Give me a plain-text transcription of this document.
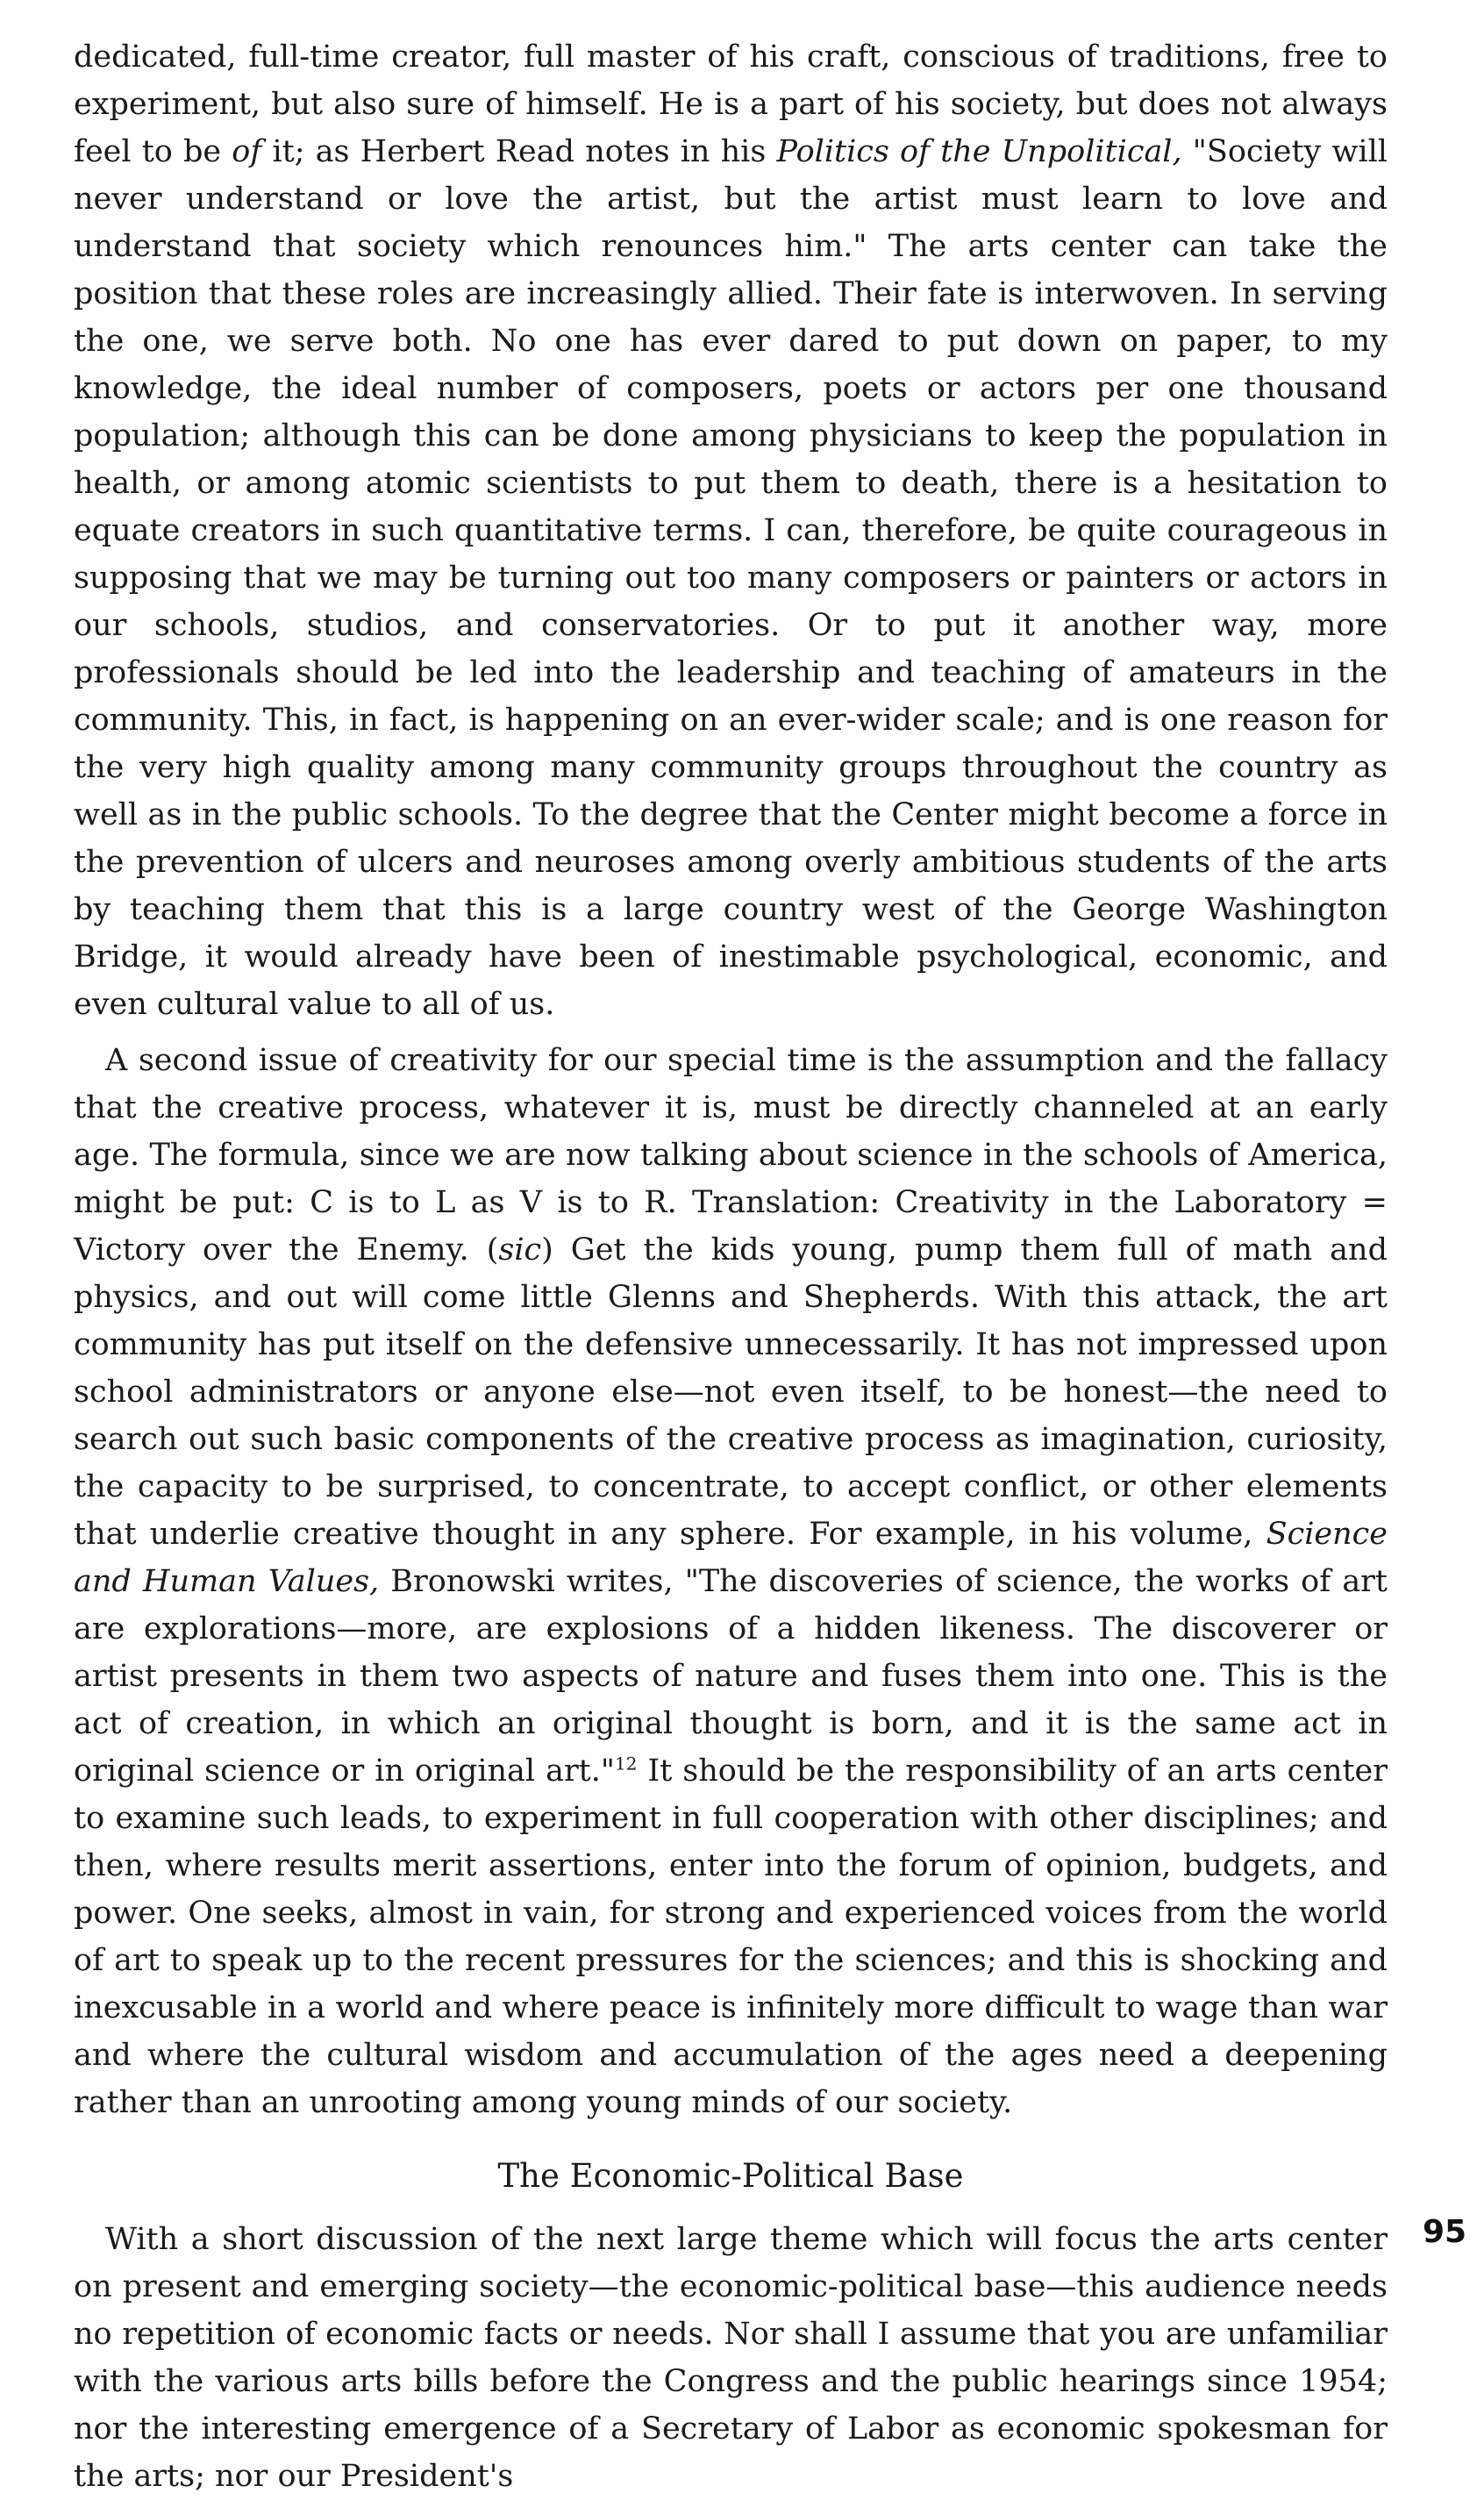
dedicated, full-time creator, full master of his craft, conscious of traditions, free to experiment, but also sure of himself. He is a part of his society, but does not always feel to be of it; as Herbert Read notes in his Politics of the Unpolitical, "Society will never understand or love the artist, but the artist must learn to love and understand that society which renounces him." The arts center can take the position that these roles are increasingly allied. Their fate is interwoven. In serving the one, we serve both. No one has ever dared to put down on paper, to my knowledge, the ideal number of composers, poets or actors per one thousand population; although this can be done among physicians to keep the population in health, or among atomic scientists to put them to death, there is a hesitation to equate creators in such quantitative terms. I can, therefore, be quite courageous in supposing that we may be turning out too many composers or painters or actors in our schools, studios, and conservatories. Or to put it another way, more professionals should be led into the leadership and teaching of amateurs in the community. This, in fact, is happening on an ever-wider scale; and is one reason for the very high quality among many community groups throughout the country as well as in the public schools. To the degree that the Center might become a force in the prevention of ulcers and neuroses among overly ambitious students of the arts by teaching them that this is a large country west of the George Washington Bridge, it would already have been of inestimable psychological, economic, and even cultural value to all of us.

A second issue of creativity for our special time is the assumption and the fallacy that the creative process, whatever it is, must be directly channeled at an early age. The formula, since we are now talking about science in the schools of America, might be put: C is to L as V is to R. Translation: Creativity in the Laboratory = Victory over the Enemy. (sic) Get the kids young, pump them full of math and physics, and out will come little Glenns and Shepherds. With this attack, the art community has put itself on the defensive unnecessarily. It has not impressed upon school administrators or anyone else—not even itself, to be honest—the need to search out such basic components of the creative process as imagination, curiosity, the capacity to be surprised, to concentrate, to accept conflict, or other elements that underlie creative thought in any sphere. For example, in his volume, Science and Human Values, Bronowski writes, "The discoveries of science, the works of art are explorations—more, are explosions of a hidden likeness. The discoverer or artist presents in them two aspects of nature and fuses them into one. This is the act of creation, in which an original thought is born, and it is the same act in original science or in original art."$^{12}$ It should be the responsibility of an arts center to examine such leads, to experiment in full cooperation with other disciplines; and then, where results merit assertions, enter into the forum of opinion, budgets, and power. One seeks, almost in vain, for strong and experienced voices from the world of art to speak up to the recent pressures for the sciences; and this is shocking and inexcusable in a world and where peace is infinitely more difficult to wage than war and where the cultural wisdom and accumulation of the ages need a deepening rather than an unrooting among young minds of our society.

The Economic-Political Base

With a short discussion of the next large theme which will focus the arts center on present and emerging society—the economic-political base—this audience needs no repetition of economic facts or needs. Nor shall I assume that you are unfamiliar with the various arts bills before the Congress and the public hearings since 1954; nor the interesting emergence of a Secretary of Labor as economic spokesman for the arts; nor our President's

95
